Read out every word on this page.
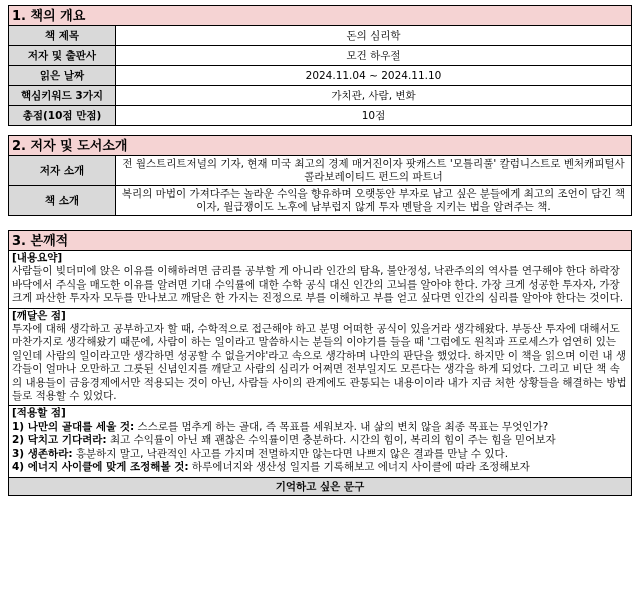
1. 책의 개요
책 제목	돈의 심리학
저자 및 출판사	모건 하우절
읽은 날짜	2024.11.04 ~ 2024.11.10
핵심키워드 3가지	가치관, 사람, 변화
총점(10점 만점)	10점
2. 저자 및 도서소개
저자 소개	전 월스트리트저널의 기자, 현재 미국 최고의 경제 매거진이자 팟캐스트 '모틀리풀' 칼럼니스트로 벤처캐피털사 콜라보레이티드 펀드의 파트너
책 소개	복리의 마법이 가져다주는 놀라운 수익을 향유하며 오랫동안 부자로 남고 싶은 분들에게 최고의 조언이 담긴 책이자, 월급쟁이도 노후에 남부럽지 않게 투자 멘탈을 지키는 법을 알려주는 책.
3. 본깨적

[내용요약]

사람들이 빚더미에 앉은 이유를 이해하려면 금리를 공부할 게 아니라 인간의 탐욕, 불안정성, 낙관주의의 역사를 연구해야 한다 하락장 바닥에서 주식을 매도한 이유를 알려면 기대 수익률에 대한 수학 공식 대신 인간의 고뇌를 알아야 한다. 가장 크게 성공한 투자자, 가장 크게 파산한 투자자 모두를 만나보고 깨달은 한 가지는 진정으로 부를 이해하고 부를 얻고 싶다면 인간의 심리를 알아야 한다는 것이다.

[깨달은 점]

투자에 대해 생각하고 공부하고자 할 때, 수학적으로 접근해야 하고 분명 어떠한 공식이 있을거라 생각해왔다. 부동산 투자에 대해서도 마찬가지로 생각해왔기 때문에, 사람이 하는 일이라고 말씀하시는 분들의 이야기를 들을 때 '그럼에도 원칙과 프로세스가 엄연히 있는 일인데 사람의 일이라고만 생각하면 성공할 수 없을거야'라고 속으로 생각하며 나만의 판단을 했었다. 하지만 이 책을 읽으며 이런 내 생각들이 얼마나 오만하고 그릇된 신념인지를 깨닫고 사람의 심리가 어쩌면 전부일지도 모른다는 생각을 하게 되었다. 그리고 비단 책 속의 내용들이 금융경제에서만 적용되는 것이 아닌, 사람들 사이의 관계에도 관통되는 내용이이라 내가 지금 처한 상황들을 해결하는 방법들로 적용할 수 있었다.

[적용할 점]

1) 나만의 골대를 세울 것: 스스로를 멈추게 하는 골대, 즉 목표를 세워보자. 내 삶의 변치 않을 최종 목표는 무엇인가?

2) 닥치고 기다려라: 최고 수익률이 아닌 꽤 괜찮은 수익률이면 충분하다. 시간의 힘이, 복리의 힘이 주는 힘을 믿어보자

3) 생존하라: 흥분하지 말고, 낙관적인 사고를 가지며 전멸하지만 않는다면 나쁘지 않은 결과를 만날 수 있다.

4) 에너지 사이클에 맞게 조정해볼 것: 하루에너지와 생산성 일지를 기록해보고 에너지 사이클에 따라 조정해보자

기억하고 싶은 문구
